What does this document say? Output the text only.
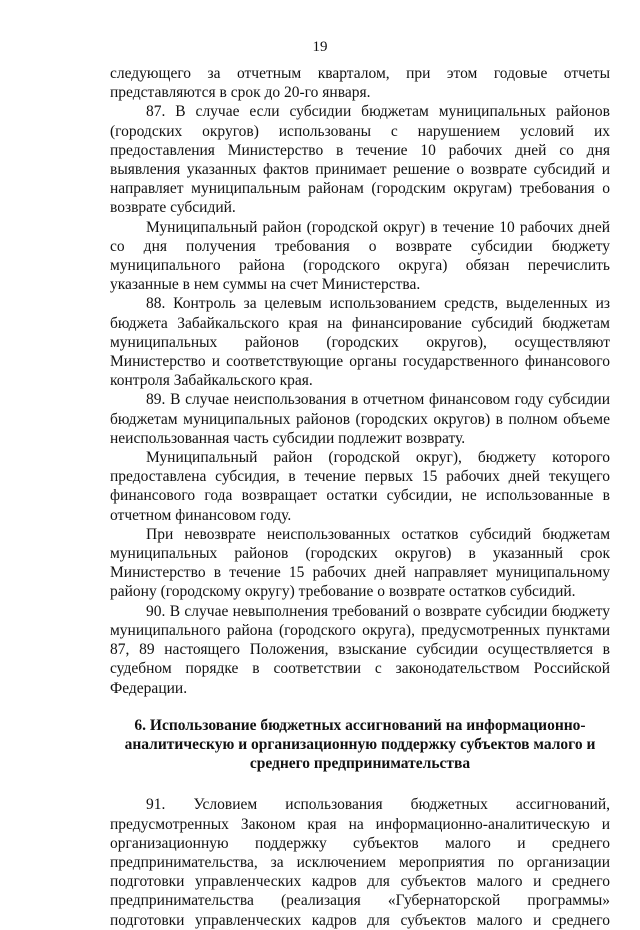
19

следующего за отчетным кварталом, при этом годовые отчеты представляются в срок до 20-го января.

87. В случае если субсидии бюджетам муниципальных районов (городских округов) использованы с нарушением условий их предоставления Министерство в течение 10 рабочих дней со дня выявления указанных фактов принимает решение о возврате субсидий и направляет муниципальным районам (городским округам) требования о возврате субсидий.

Муниципальный район (городской округ) в течение 10 рабочих дней со дня получения требования о возврате субсидии бюджету муниципального района (городского округа) обязан перечислить указанные в нем суммы на счет Министерства.

88. Контроль за целевым использованием средств, выделенных из бюджета Забайкальского края на финансирование субсидий бюджетам муниципальных районов (городских округов), осуществляют Министерство и соответствующие органы государственного финансового контроля Забайкальского края.

89. В случае неиспользования в отчетном финансовом году субсидии бюджетам муниципальных районов (городских округов) в полном объеме неиспользованная часть субсидии подлежит возврату.

Муниципальный район (городской округ), бюджету которого предоставлена субсидия, в течение первых 15 рабочих дней текущего финансового года возвращает остатки субсидии, не использованные в отчетном финансовом году.

При невозврате неиспользованных остатков субсидий бюджетам муниципальных районов (городских округов) в указанный срок Министерство в течение 15 рабочих дней направляет муниципальному району (городскому округу) требование о возврате остатков субсидий.

90. В случае невыполнения требований о возврате субсидии бюджету муниципального района (городского округа), предусмотренных пунктами 87, 89 настоящего Положения, взыскание субсидии осуществляется в судебном порядке в соответствии с законодательством Российской Федерации.

6. Использование бюджетных ассигнований на информационно-аналитическую и организационную поддержку субъектов малого и среднего предпринимательства

91. Условием использования бюджетных ассигнований, предусмотренных Законом края на информационно-аналитическую и организационную поддержку субъектов малого и среднего предпринимательства, за исключением мероприятия по организации подготовки управленческих кадров для субъектов малого и среднего предпринимательства (реализация «Губернаторской программы» подготовки управленческих кадров для субъектов малого и среднего
